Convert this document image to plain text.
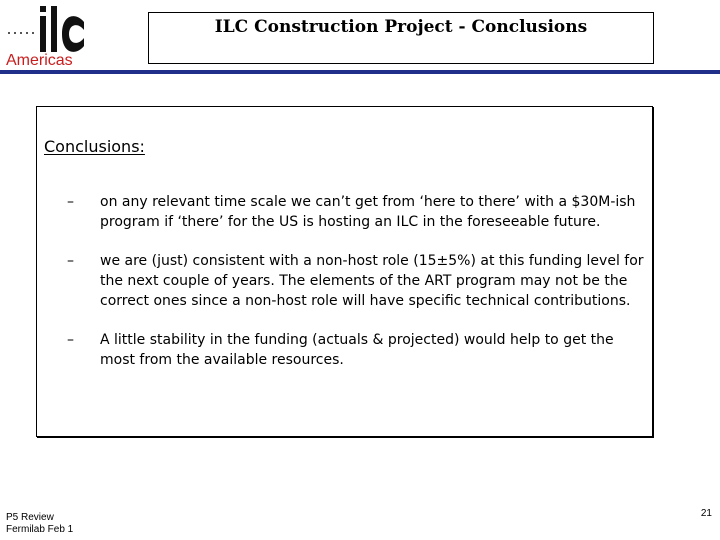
Americas
ILC Construction Project - Conclusions
Conclusions:
– on any relevant time scale we can’t get from ‘here to there’ with a $30M-ish program if ‘there’ for the US is hosting an ILC in the foreseeable future.
– we are (just) consistent with a non-host role (15±5%) at this funding level for the next couple of years. The elements of the ART program may not be the correct ones since a non-host role will have specific technical contributions.
– A little stability in the funding (actuals & projected) would help to get the most from the available resources.
P5 Review
Fermilab Feb 1
21
